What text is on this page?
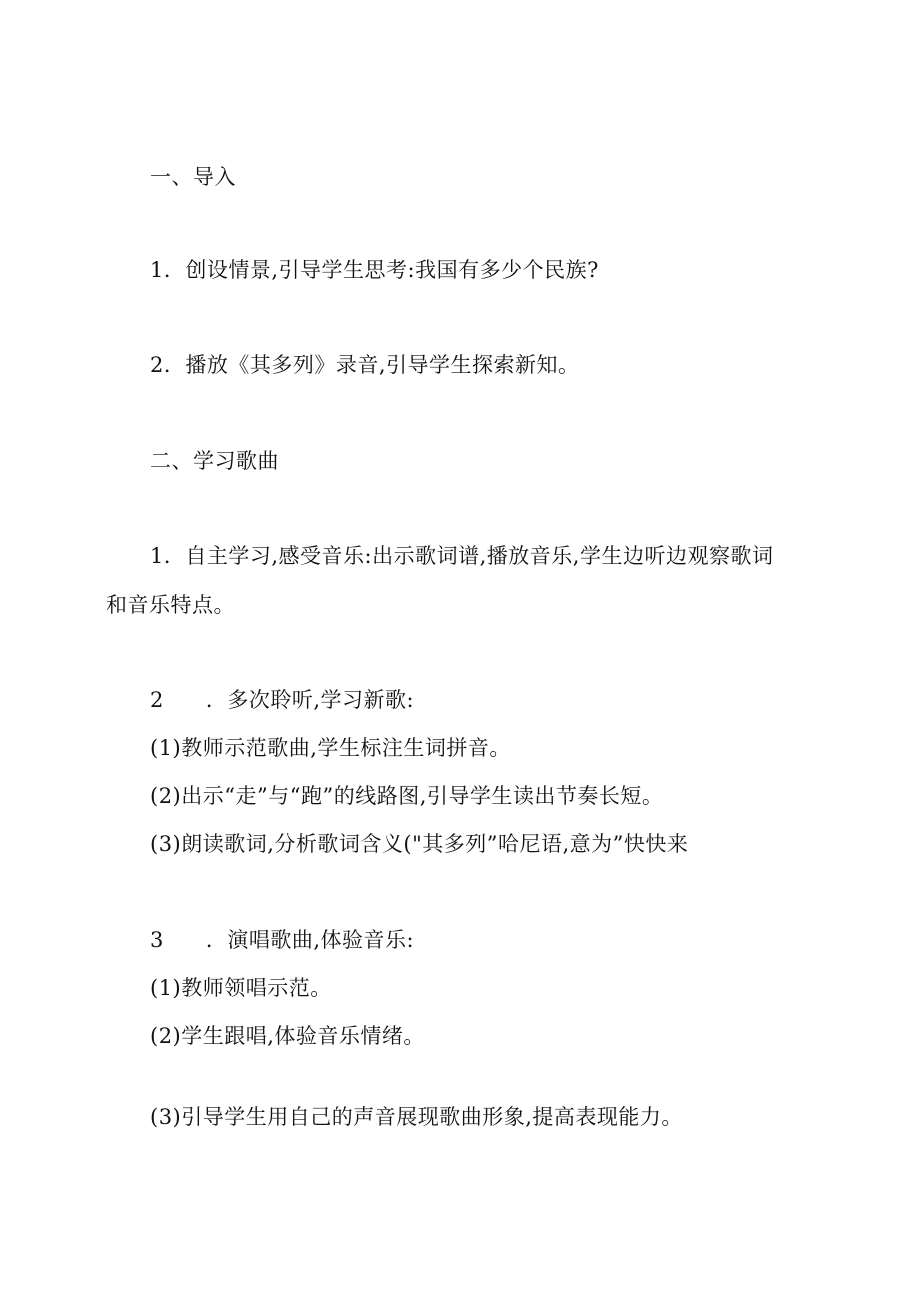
一、导入
1．创设情景,引导学生思考:我国有多少个民族?
2．播放《其多列》录音,引导学生探索新知。
二、学习歌曲
1．自主学习,感受音乐:出示歌词谱,播放音乐,学生边听边观察歌词
和音乐特点。
2 ．多次聆听,学习新歌:
(1)教师示范歌曲,学生标注生词拼音。
(2)出示“走”与“跑”的线路图,引导学生读出节奏长短。
(3)朗读歌词,分析歌词含义("其多列”哈尼语,意为”快快来
3 ．演唱歌曲,体验音乐:
(1)教师领唱示范。
(2)学生跟唱,体验音乐情绪。
(3)引导学生用自己的声音展现歌曲形象,提高表现能力。
